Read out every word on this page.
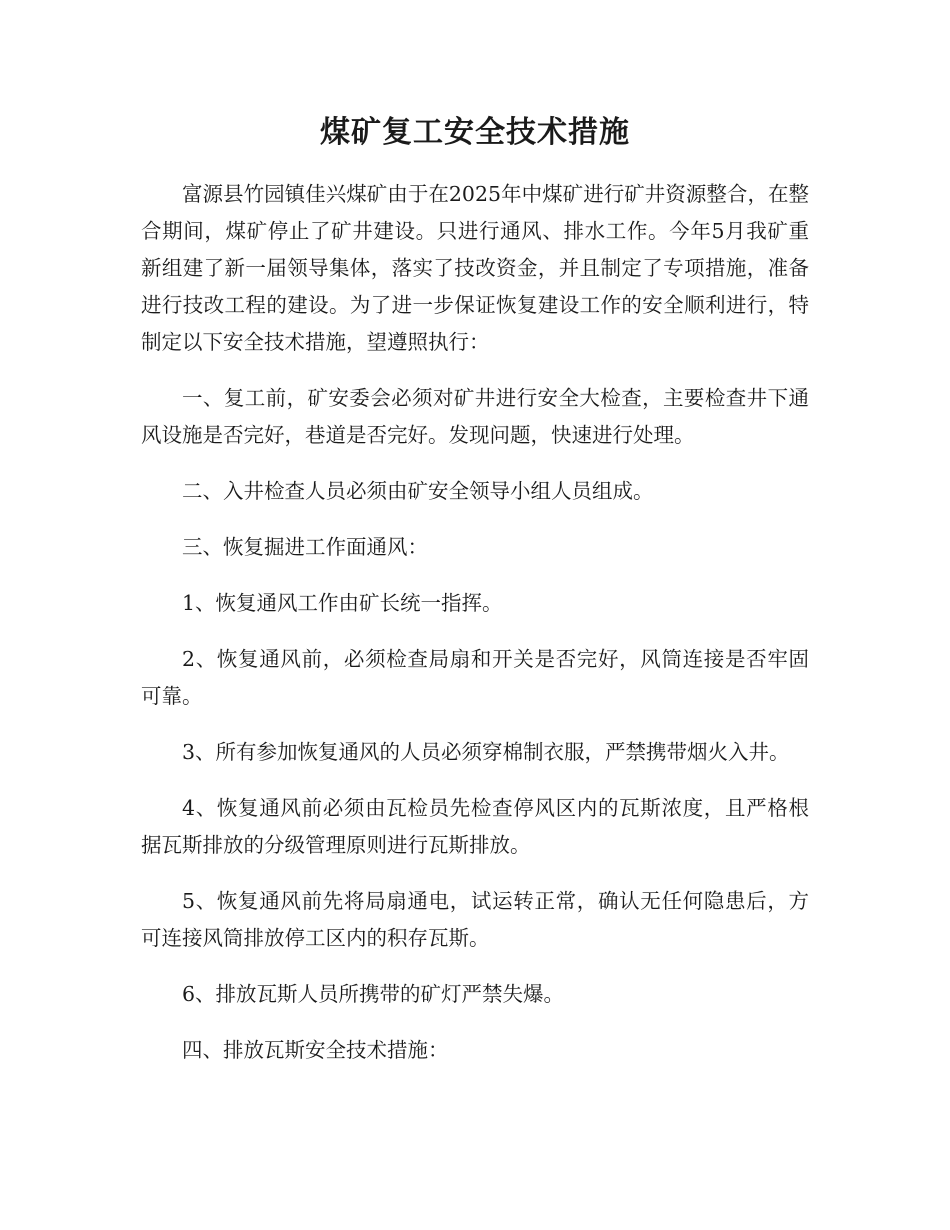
煤矿复工安全技术措施

富源县竹园镇佳兴煤矿由于在2025年中煤矿进行矿井资源整合，在整合期间，煤矿停止了矿井建设。只进行通风、排水工作。今年5月我矿重新组建了新一届领导集体，落实了技改资金，并且制定了专项措施，准备进行技改工程的建设。为了进一步保证恢复建设工作的安全顺利进行，特制定以下安全技术措施，望遵照执行：

一、复工前，矿安委会必须对矿井进行安全大检查，主要检查井下通风设施是否完好，巷道是否完好。发现问题，快速进行处理。

二、入井检查人员必须由矿安全领导小组人员组成。

三、恢复掘进工作面通风：

1、恢复通风工作由矿长统一指挥。

2、恢复通风前，必须检查局扇和开关是否完好，风筒连接是否牢固可靠。

3、所有参加恢复通风的人员必须穿棉制衣服，严禁携带烟火入井。

4、恢复通风前必须由瓦检员先检查停风区内的瓦斯浓度，且严格根据瓦斯排放的分级管理原则进行瓦斯排放。

5、恢复通风前先将局扇通电，试运转正常，确认无任何隐患后，方可连接风筒排放停工区内的积存瓦斯。

6、排放瓦斯人员所携带的矿灯严禁失爆。

四、排放瓦斯安全技术措施：
